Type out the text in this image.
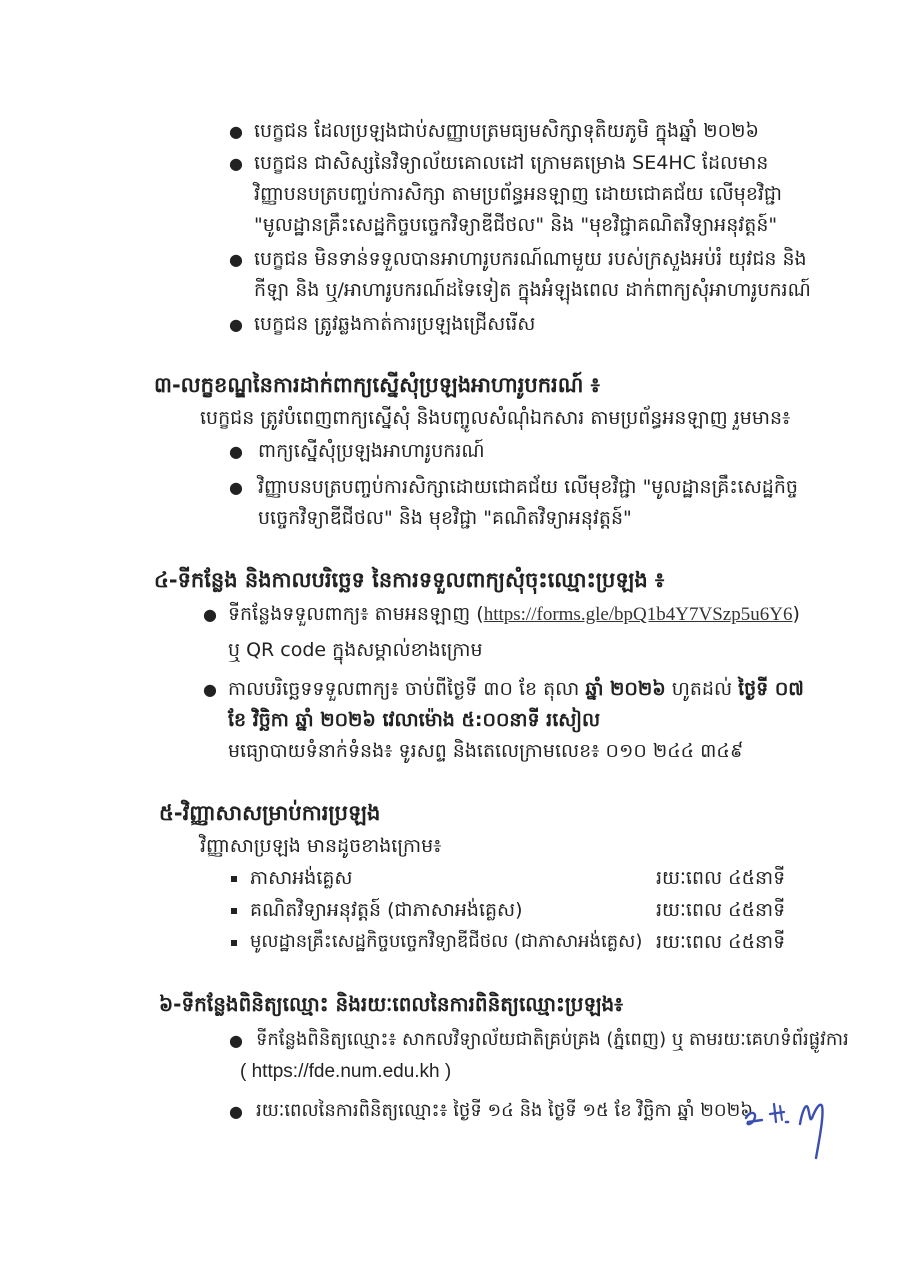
● បេក្ខជន ដែលប្រឡងជាប់សញ្ញាបត្រមធ្យមសិក្សាទុតិយភូមិ ក្នុងឆ្នាំ ២០២៦
● បេក្ខជន ជាសិស្សនៃវិទ្យាល័យគោលដៅ ក្រោមគម្រោង SE4HC ដែលមាន
វិញ្ញាបនបត្របញ្ចប់ការសិក្សា តាមប្រព័ន្ធអនឡាញ ដោយជោគជ័យ លើមុខវិជ្ជា
"មូលដ្ឋានគ្រឹះសេដ្ឋកិច្ចបច្ចេកវិទ្យាឌីជីថល" និង "មុខវិជ្ជាគណិតវិទ្យាអនុវត្តន៍"
● បេក្ខជន មិនទាន់ទទួលបានអាហារូបករណ៍ណាមួយ របស់ក្រសួងអប់រំ យុវជន និង
កីឡា និង ឬ/អាហារូបករណ៍ដទៃទៀត ក្នុងអំឡុងពេល ដាក់ពាក្យសុំអាហារូបករណ៍
● បេក្ខជន ត្រូវឆ្លងកាត់ការប្រឡងជ្រើសរើស
៣-លក្ខខណ្ឌនៃការដាក់ពាក្យស្នើសុំប្រឡងអាហារូបករណ៍ ៖
បេក្ខជន ត្រូវបំពេញពាក្យស្នើសុំ និងបញ្ចូលសំណុំឯកសារ តាមប្រព័ន្ធអនឡាញ រួមមាន៖
● ពាក្យស្នើសុំប្រឡងអាហារូបករណ៍
● វិញ្ញាបនបត្របញ្ចប់ការសិក្សាដោយជោគជ័យ លើមុខវិជ្ជា "មូលដ្ឋានគ្រឹះសេដ្ឋកិច្ច
បច្ចេកវិទ្យាឌីជីថល" និង មុខវិជ្ជា "គណិតវិទ្យាអនុវត្តន៍"
៤-ទីកន្លែង និងកាលបរិច្ឆេទ នៃការទទួលពាក្យសុំចុះឈ្មោះប្រឡង ៖
● ទីកន្លែងទទួលពាក្យ៖ តាមអនឡាញ (https://forms.gle/bpQ1b4Y7VSzp5u6Y6)
ឬ QR code ក្នុងសម្គាល់ខាងក្រោម
● កាលបរិច្ឆេទទទួលពាក្យ៖ ចាប់ពីថ្ងៃទី ៣០ ខែ តុលា ឆ្នាំ ២០២៦ ហូតដល់ ថ្ងៃទី ០៧
ខែ វិច្ឆិកា ឆ្នាំ ២០២៦ វេលាម៉ោង ៥:០០នាទី រសៀល
មធ្យោបាយទំនាក់ទំនង៖ ទូរសព្ទ និងតេលេក្រាមលេខ៖ ០១០ ២៤៤ ៣៤៩
៥-វិញ្ញាសាសម្រាប់ការប្រឡង
វិញ្ញាសាប្រឡង មានដូចខាងក្រោម៖
ភាសាអង់គ្លេស	រយៈពេល ៤៥នាទី
គណិតវិទ្យាអនុវត្តន៍ (ជាភាសាអង់គ្លេស)	រយៈពេល ៤៥នាទី
មូលដ្ឋានគ្រឹះសេដ្ឋកិច្ចបច្ចេកវិទ្យាឌីជីថល (ជាភាសាអង់គ្លេស) រយៈពេល ៤៥នាទី
៦-ទីកន្លែងពិនិត្យឈ្មោះ និងរយៈពេលនៃការពិនិត្យឈ្មោះប្រឡង៖
● ទីកន្លែងពិនិត្យឈ្មោះ៖ សាកលវិទ្យាល័យជាតិគ្រប់គ្រង (ភ្នំពេញ) ឬ តាមរយៈគេហទំព័រផ្លូវការ
( https://fde.num.edu.kh )
● រយៈពេលនៃការពិនិត្យឈ្មោះ៖ ថ្ងៃទី ១៤ និង ថ្ងៃទី ១៥ ខែ វិច្ឆិកា ឆ្នាំ ២០២៦
